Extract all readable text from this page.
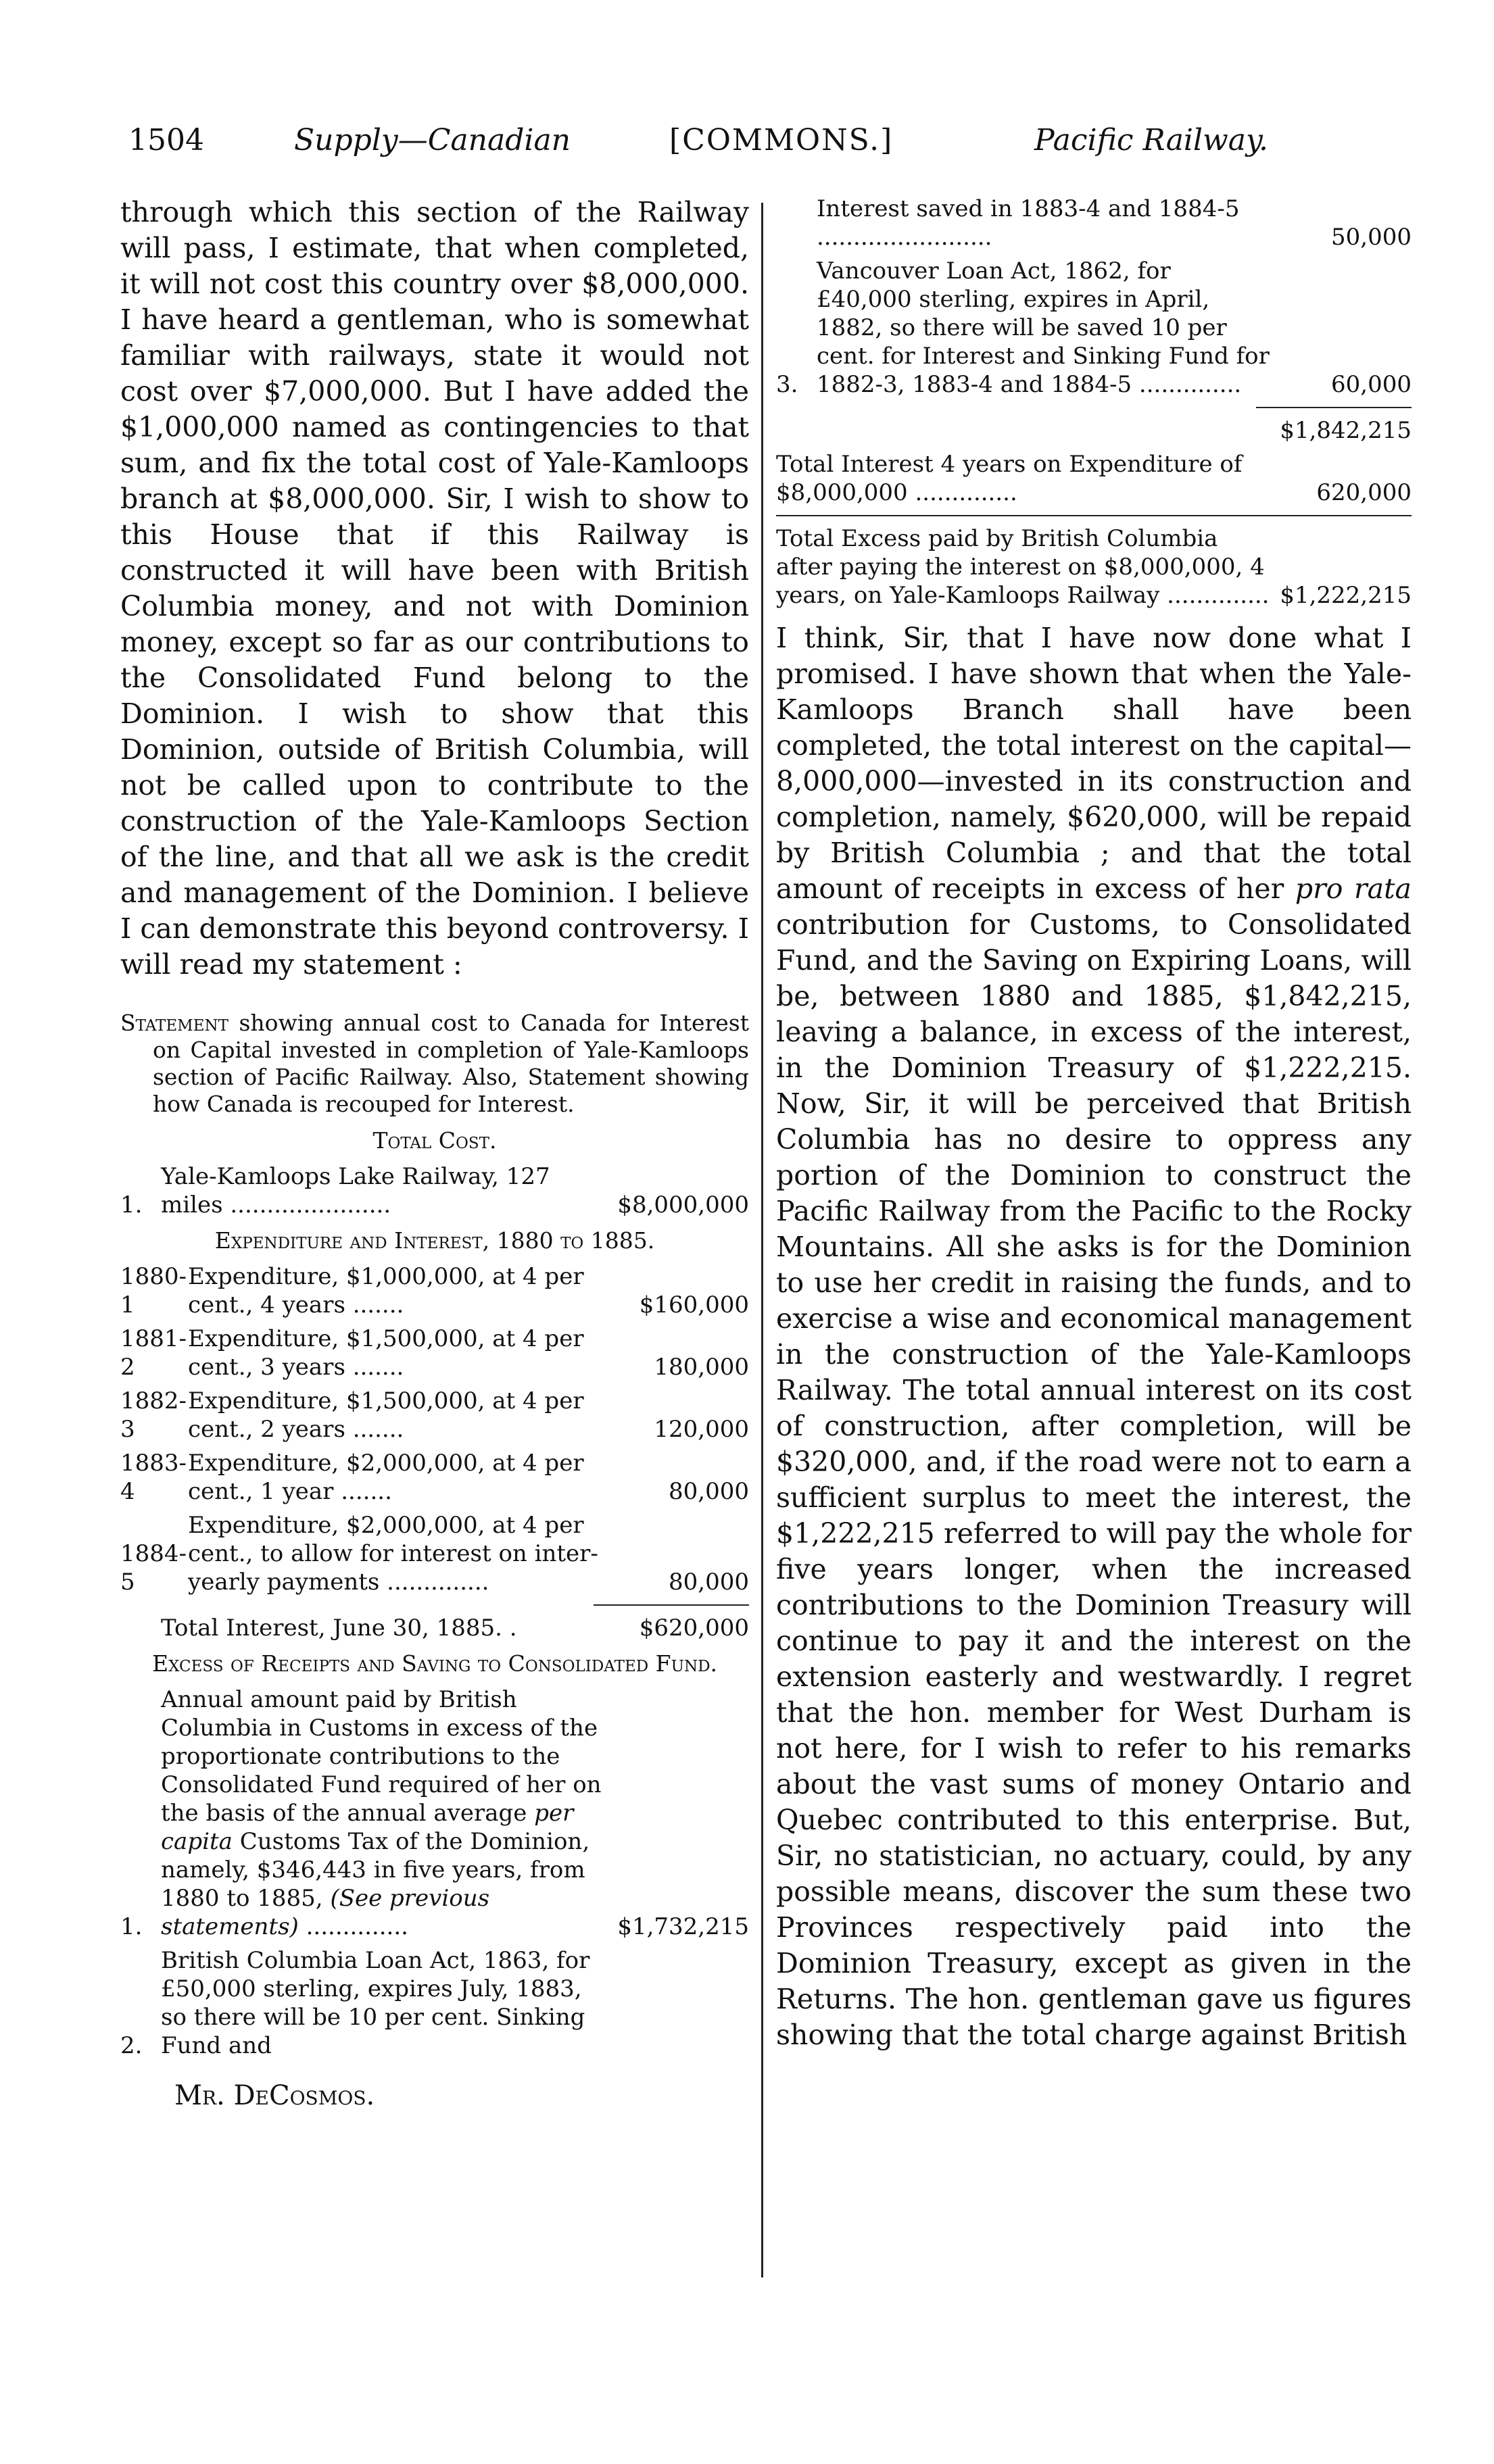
1504	Supply—Canadian	[COMMONS.]	Pacific Railway.

through which this section of the Railway will pass, I estimate, that when completed, it will not cost this country over $8,000,000. I have heard a gentleman, who is somewhat familiar with railways, state it would not cost over $7,000,000. But I have added the $1,000,000 named as contingencies to that sum, and fix the total cost of Yale-Kamloops branch at $8,000,000. Sir, I wish to show to this House that if this Railway is constructed it will have been with British Columbia money, and not with Dominion money, except so far as our contributions to the Consolidated Fund belong to the Dominion. I wish to show that this Dominion, outside of British Columbia, will not be called upon to contribute to the construction of the Yale-Kamloops Section of the line, and that all we ask is the credit and management of the Dominion. I believe I can demonstrate this beyond controversy. I will read my statement :

Statement showing annual cost to Canada for Interest on Capital invested in completion of Yale-Kamloops section of Pacific Railway. Also, Statement showing how Canada is recouped for Interest.
Total Cost.
1.
Yale-Kamloops Lake Railway, 127 miles ......................	$8,000,000
Expenditure and Interest, 1880 to 1885.
1880-1
Expenditure, $1,000,000, at 4 per cent., 4 years .......	$160,000
1881-2
Expenditure, $1,500,000, at 4 per cent., 3 years .......	180,000
1882-3
Expenditure, $1,500,000, at 4 per cent., 2 years .......	120,000
1883-4
Expenditure, $2,000,000, at 4 per cent., 1 year .......	80,000
1884-5
Expenditure, $2,000,000, at 4 per cent., to allow for interest on inter-yearly payments ..............	80,000
Total Interest, June 30, 1885. .	$620,000
Excess of Receipts and Saving to Consolidated Fund.
1.
Annual amount paid by British Columbia in Customs in excess of the proportionate contributions to the Consolidated Fund required of her on the basis of the annual average per capita Customs Tax of the Dominion, namely, $346,443 in five years, from 1880 to 1885, (See previous statements) ..............	$1,732,215
2.
British Columbia Loan Act, 1863, for £50,000 sterling, expires July, 1883, so there will be 10 per cent. Sinking Fund and
Mr. DeCosmos.
Interest saved in 1883-4 and 1884-5 ........................	50,000
3.
Vancouver Loan Act, 1862, for £40,000 sterling, expires in April, 1882, so there will be saved 10 per cent. for Interest and Sinking Fund for 1882-3, 1883-4 and 1884-5 ..............	60,000
$1,842,215
Total Interest 4 years on Expenditure of $8,000,000 ..............	620,000
Total Excess paid by British Columbia after paying the interest on $8,000,000, 4 years, on Yale-Kamloops Railway .............. $1,222,215

I think, Sir, that I have now done what I promised. I have shown that when the Yale-Kamloops Branch shall have been completed, the total interest on the capital—8,000,000—invested in its construction and completion, namely, $620,000, will be repaid by British Columbia ; and that the total amount of receipts in excess of her pro rata contribution for Customs, to Consolidated Fund, and the Saving on Expiring Loans, will be, between 1880 and 1885, $1,842,215, leaving a balance, in excess of the interest, in the Dominion Treasury of $1,222,215. Now, Sir, it will be perceived that British Columbia has no desire to oppress any portion of the Dominion to construct the Pacific Railway from the Pacific to the Rocky Mountains. All she asks is for the Dominion to use her credit in raising the funds, and to exercise a wise and economical management in the construction of the Yale-Kamloops Railway. The total annual interest on its cost of construction, after completion, will be $320,000, and, if the road were not to earn a sufficient surplus to meet the interest, the $1,222,215 referred to will pay the whole for five years longer, when the increased contributions to the Dominion Treasury will continue to pay it and the interest on the extension easterly and westwardly. I regret that the hon. member for West Durham is not here, for I wish to refer to his remarks about the vast sums of money Ontario and Quebec contributed to this enterprise. But, Sir, no statistician, no actuary, could, by any possible means, discover the sum these two Provinces respectively paid into the Dominion Treasury, except as given in the Returns. The hon. gentleman gave us figures showing that the total charge against British
